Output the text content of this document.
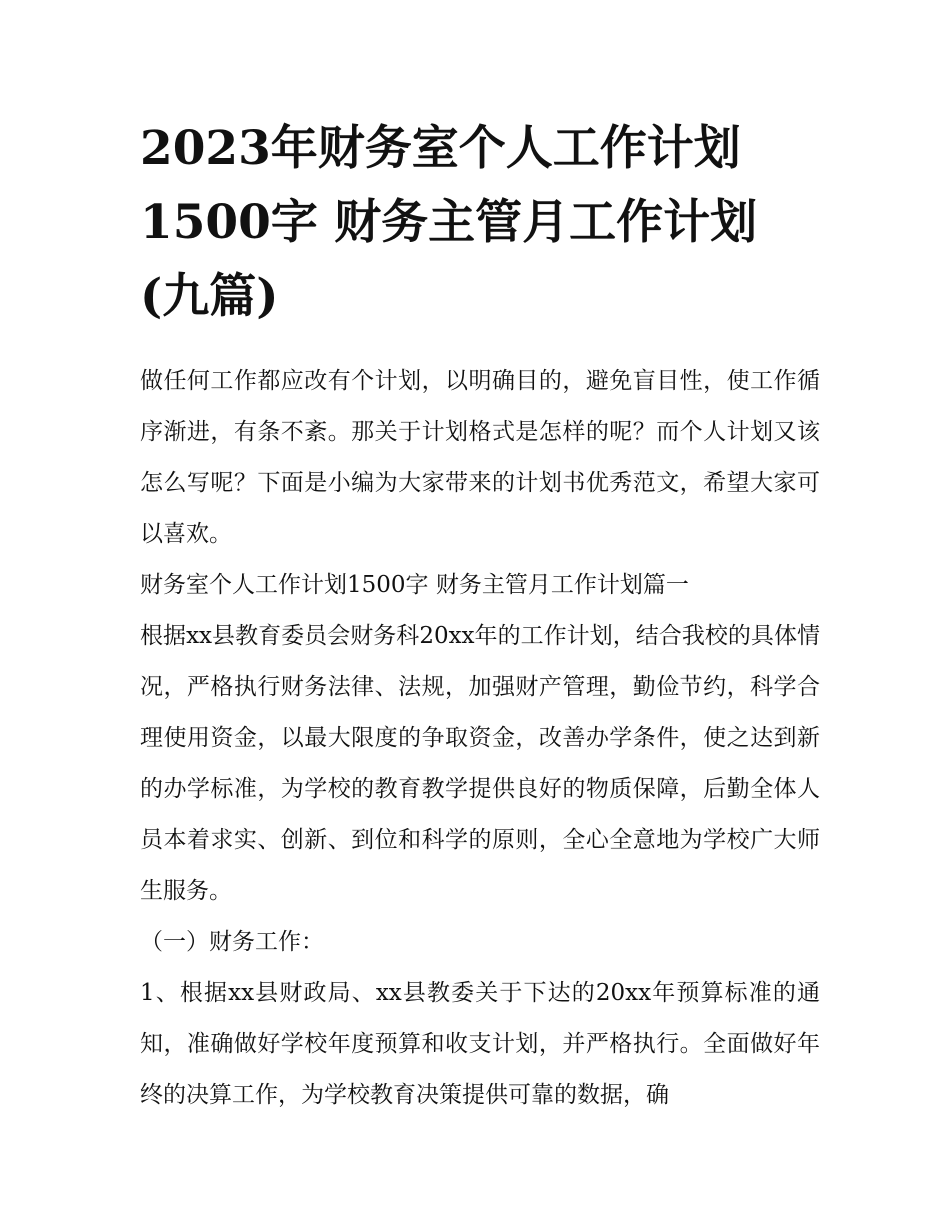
2023年财务室个人工作计划
1500字 财务主管月工作计划
(九篇)

做任何工作都应改有个计划，以明确目的，避免盲目性，使工作循序渐进，有条不紊。那关于计划格式是怎样的呢？而个人计划又该怎么写呢？下面是小编为大家带来的计划书优秀范文，希望大家可以喜欢。

财务室个人工作计划1500字 财务主管月工作计划篇一

根据xx县教育委员会财务科20xx年的工作计划，结合我校的具体情况，严格执行财务法律、法规，加强财产管理，勤俭节约，科学合理使用资金，以最大限度的争取资金，改善办学条件，使之达到新的办学标准，为学校的教育教学提供良好的物质保障，后勤全体人员本着求实、创新、到位和科学的原则，全心全意地为学校广大师生服务。

（一）财务工作：

1、根据xx县财政局、xx县教委关于下达的20xx年预算标准的通知，准确做好学校年度预算和收支计划，并严格执行。全面做好年终的决算工作，为学校教育决策提供可靠的数据，确
